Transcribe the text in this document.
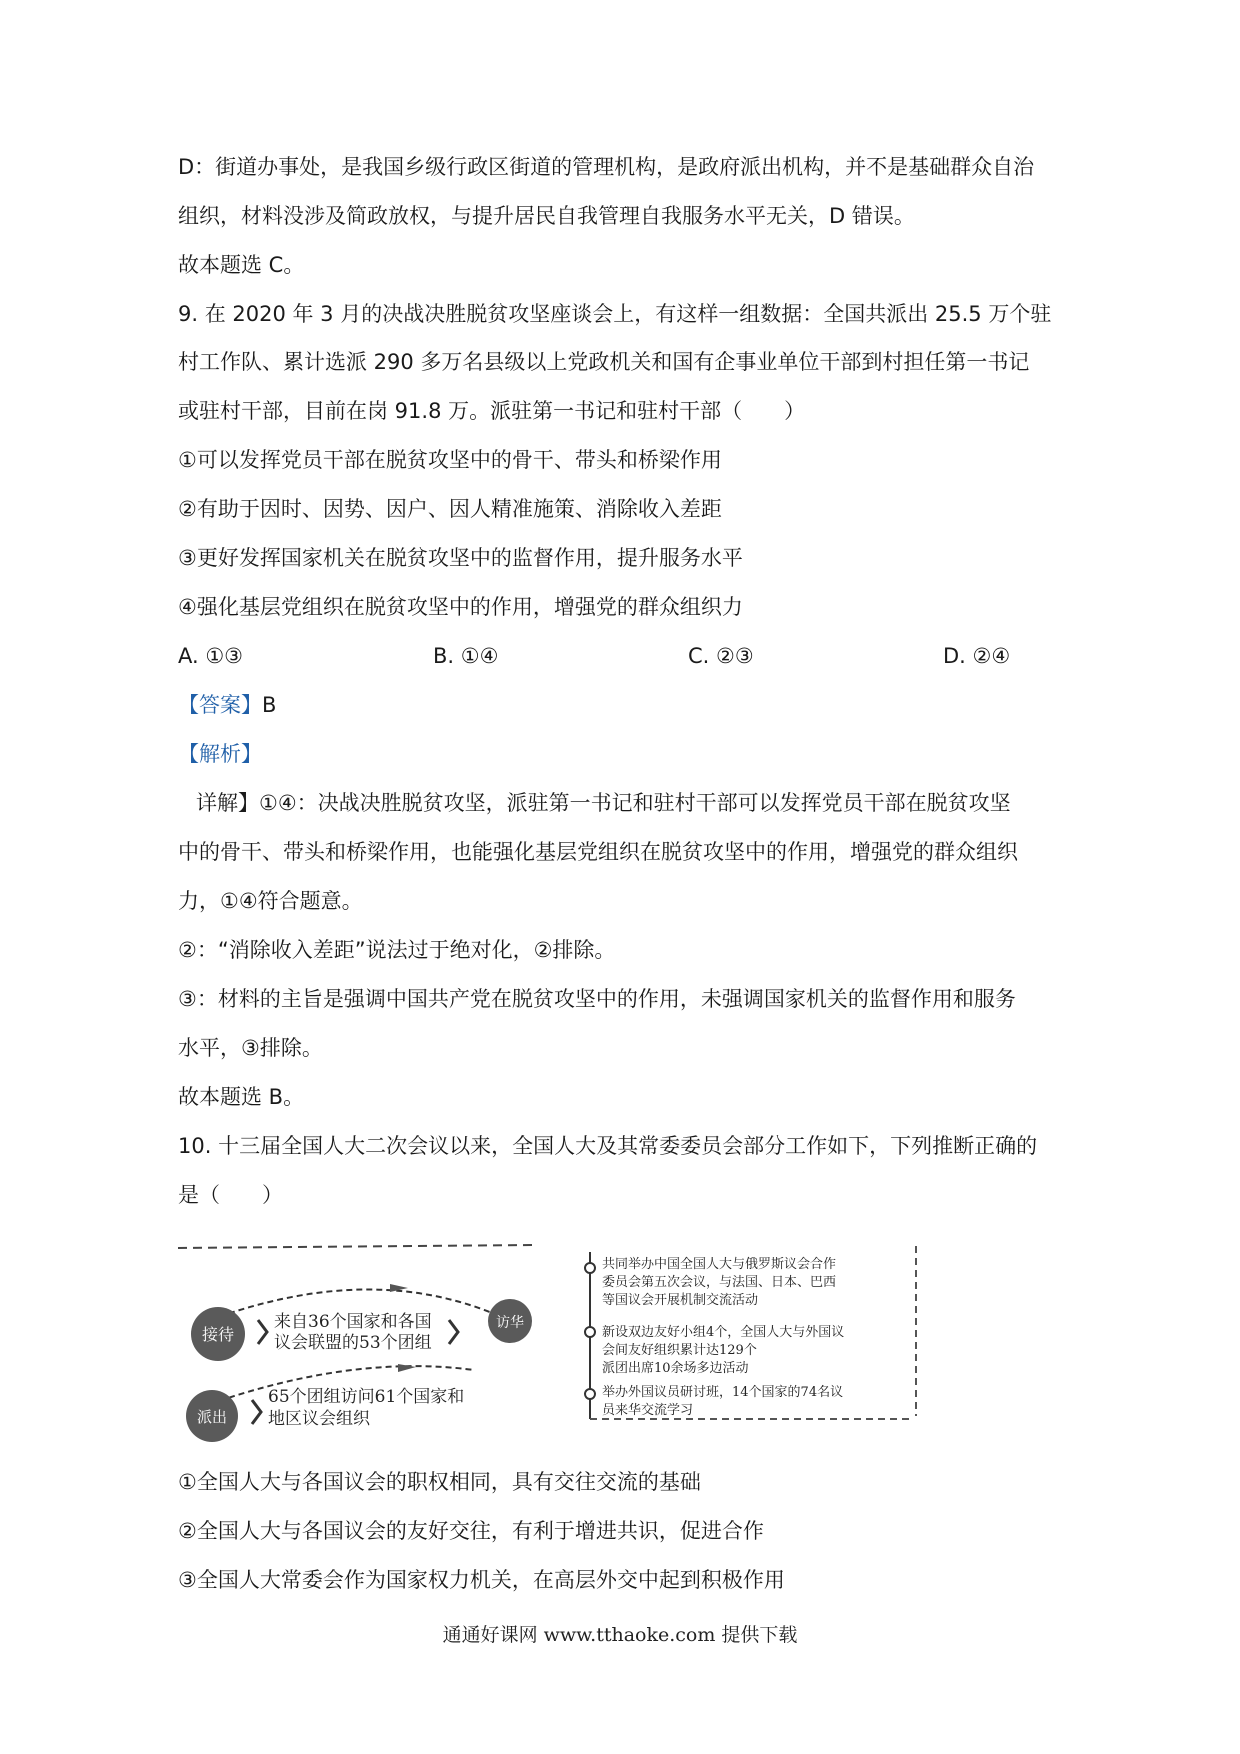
D：街道办事处，是我国乡级行政区街道的管理机构，是政府派出机构，并不是基础群众自治
组织，材料没涉及简政放权，与提升居民自我管理自我服务水平无关，D 错误。
故本题选 C。
9. 在 2020 年 3 月的决战决胜脱贫攻坚座谈会上，有这样一组数据：全国共派出 25.5 万个驻
村工作队、累计选派 290 多万名县级以上党政机关和国有企事业单位干部到村担任第一书记
或驻村干部，目前在岗 91.8 万。派驻第一书记和驻村干部（　　）
①可以发挥党员干部在脱贫攻坚中的骨干、带头和桥梁作用
②有助于因时、因势、因户、因人精准施策、消除收入差距
③更好发挥国家机关在脱贫攻坚中的监督作用，提升服务水平
④强化基层党组织在脱贫攻坚中的作用，增强党的群众组织力
A. ①③	B. ①④	C. ②③	D. ②④
【答案】B
【解析】
详解】①④：决战决胜脱贫攻坚，派驻第一书记和驻村干部可以发挥党员干部在脱贫攻坚
中的骨干、带头和桥梁作用，也能强化基层党组织在脱贫攻坚中的作用，增强党的群众组织
力，①④符合题意。
②：“消除收入差距”说法过于绝对化，②排除。
③：材料的主旨是强调中国共产党在脱贫攻坚中的作用，未强调国家机关的监督作用和服务
水平，③排除。
故本题选 B。
10. 十三届全国人大二次会议以来，全国人大及其常委委员会部分工作如下，下列推断正确的
是（　　）
接待
访华
派出
来自36个国家和各国
议会联盟的53个团组
65个团组访问61个国家和
地区议会组织
共同举办中国全国人大与俄罗斯议会合作
委员会第五次会议，与法国、日本、巴西
等国议会开展机制交流活动
新设双边友好小组4个，全国人大与外国议
会间友好组织累计达129个
派团出席10余场多边活动
举办外国议员研讨班，14个国家的74名议
员来华交流学习
①全国人大与各国议会的职权相同，具有交往交流的基础
②全国人大与各国议会的友好交往，有利于增进共识，促进合作
③全国人大常委会作为国家权力机关，在高层外交中起到积极作用
通通好课网 www.tthaoke.com 提供下载
